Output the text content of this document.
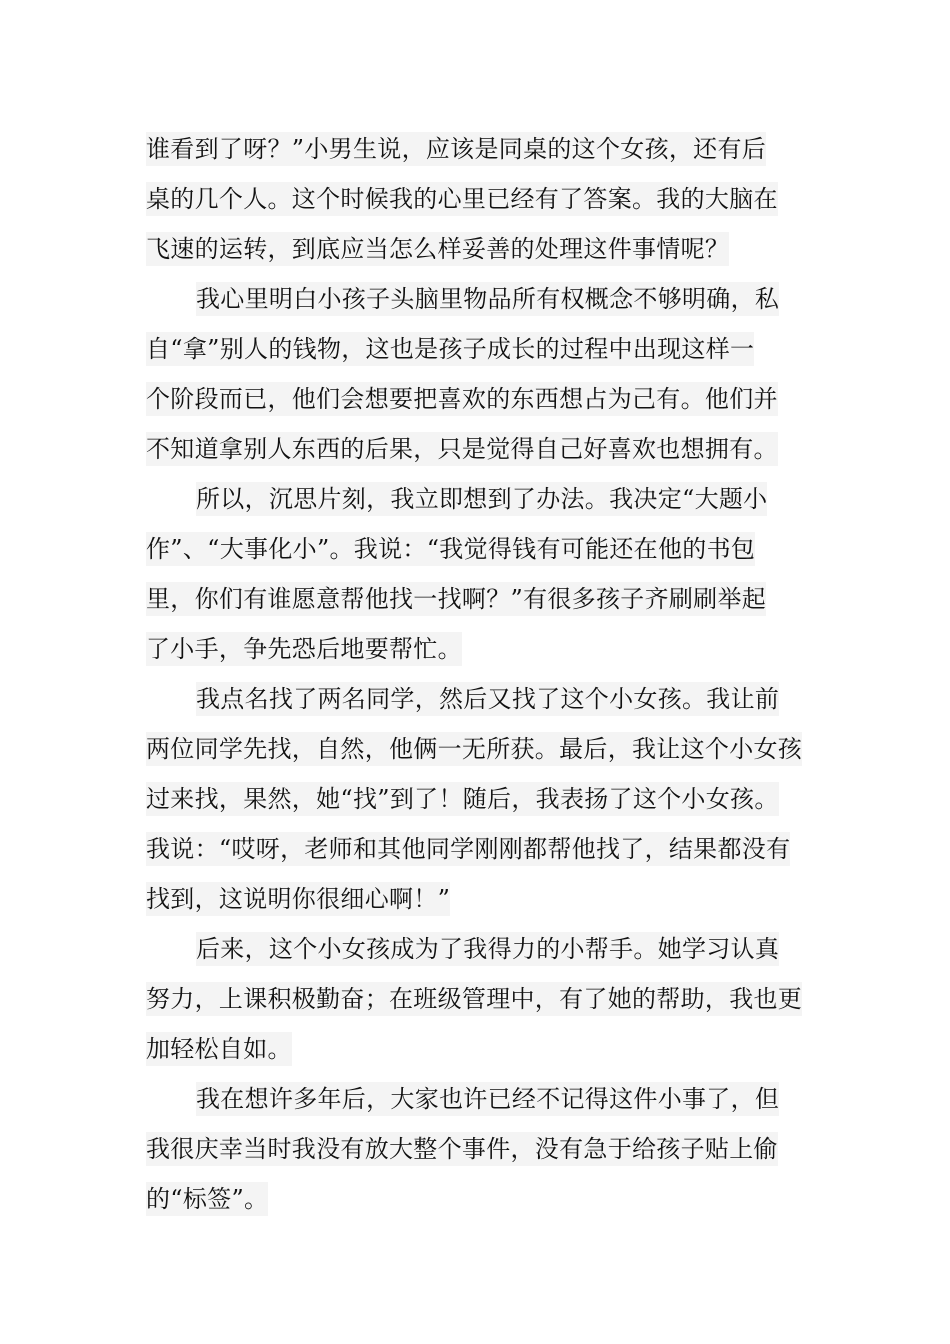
谁看到了呀？”小男生说，应该是同桌的这个女孩，还有后
桌的几个人。这个时候我的心里已经有了答案。我的大脑在
飞速的运转，到底应当怎么样妥善的处理这件事情呢？
我心里明白小孩子头脑里物品所有权概念不够明确，私
自“拿”别人的钱物，这也是孩子成长的过程中出现这样一
个阶段而已，他们会想要把喜欢的东西想占为己有。他们并
不知道拿别人东西的后果，只是觉得自己好喜欢也想拥有。
所以，沉思片刻，我立即想到了办法。我决定“大题小
作”、“大事化小”。我说：“我觉得钱有可能还在他的书包
里，你们有谁愿意帮他找一找啊？”有很多孩子齐刷刷举起
了小手，争先恐后地要帮忙。
我点名找了两名同学，然后又找了这个小女孩。我让前
两位同学先找，自然，他俩一无所获。最后，我让这个小女孩
过来找，果然，她“找”到了！随后，我表扬了这个小女孩。
我说：“哎呀，老师和其他同学刚刚都帮他找了，结果都没有
找到，这说明你很细心啊！”
后来，这个小女孩成为了我得力的小帮手。她学习认真
努力，上课积极勤奋；在班级管理中，有了她的帮助，我也更
加轻松自如。
我在想许多年后，大家也许已经不记得这件小事了，但
我很庆幸当时我没有放大整个事件，没有急于给孩子贴上偷
的“标签”。
